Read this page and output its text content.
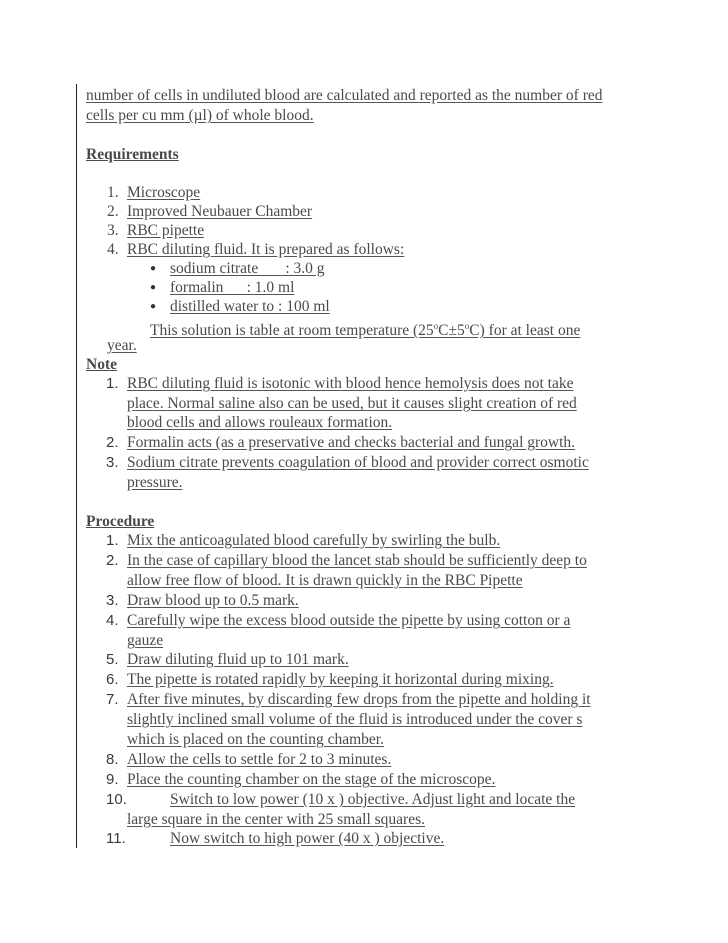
number of cells in undiluted blood are calculated and reported as the number of red
cells per cu mm (µl) of whole blood.
Requirements
1. Microscope
2. Improved Neubauer Chamber
3. RBC pipette
4. RBC diluting fluid. It is prepared as follows:
● sodium citrate       : 3.0 g
● formalin      : 1.0 ml
● distilled water to : 100 ml
This solution is table at room temperature $(25^oC\pm 5^oC)$ for at least one
year.
Note
1. RBC diluting fluid is isotonic with blood hence hemolysis does not take
place. Normal saline also can be used, but it causes slight creation of red
blood cells and allows rouleaux formation.
2. Formalin acts (as a preservative and checks bacterial and fungal growth.
3. Sodium citrate prevents coagulation of blood and provider correct osmotic
pressure.
Procedure
1. Mix the anticoagulated blood carefully by swirling the bulb.
2. In the case of capillary blood the lancet stab should be sufficiently deep to
allow free flow of blood. It is drawn quickly in the RBC Pipette
3. Draw blood up to 0.5 mark.
4. Carefully wipe the excess blood outside the pipette by using cotton or a
gauze
5. Draw diluting fluid up to 101 mark.
6. The pipette is rotated rapidly by keeping it horizontal during mixing.
7. After five minutes, by discarding few drops from the pipette and holding it
slightly inclined small volume of the fluid is introduced under the cover s
which is placed on the counting chamber.
8. Allow the cells to settle for 2 to 3 minutes.
9. Place the counting chamber on the stage of the microscope.
10.	Switch to low power (10 x ) objective. Adjust light and locate the
large square in the center with 25 small squares.
11.	Now switch to high power (40 x ) objective.
